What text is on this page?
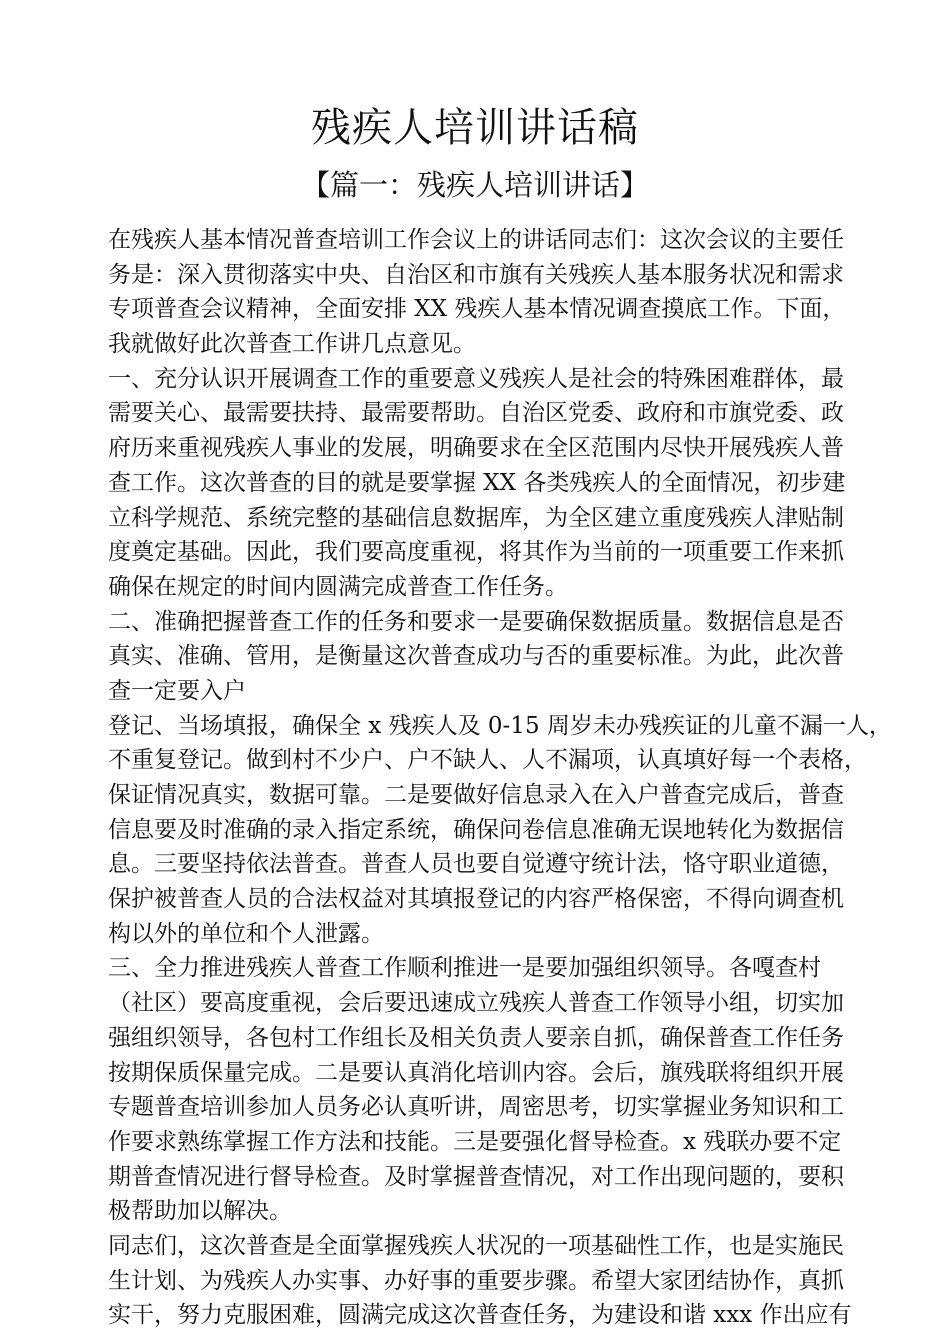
残疾人培训讲话稿
【篇一：残疾人培训讲话】
在残疾人基本情况普查培训工作会议上的讲话同志们：这次会议的主要任
务是：深入贯彻落实中央、自治区和市旗有关残疾人基本服务状况和需求
专项普查会议精神，全面安排 XX 残疾人基本情况调查摸底工作。下面，
我就做好此次普查工作讲几点意见。
一、充分认识开展调查工作的重要意义残疾人是社会的特殊困难群体，最
需要关心、最需要扶持、最需要帮助。自治区党委、政府和市旗党委、政
府历来重视残疾人事业的发展，明确要求在全区范围内尽快开展残疾人普
查工作。这次普查的目的就是要掌握 XX 各类残疾人的全面情况，初步建
立科学规范、系统完整的基础信息数据库，为全区建立重度残疾人津贴制
度奠定基础。因此，我们要高度重视，将其作为当前的一项重要工作来抓
确保在规定的时间内圆满完成普查工作任务。
二、准确把握普查工作的任务和要求一是要确保数据质量。数据信息是否
真实、准确、管用，是衡量这次普查成功与否的重要标准。为此，此次普
查一定要入户
登记、当场填报，确保全 x 残疾人及 0-15 周岁未办残疾证的儿童不漏一人，
不重复登记。做到村不少户、户不缺人、人不漏项，认真填好每一个表格，
保证情况真实，数据可靠。二是要做好信息录入在入户普查完成后，普查
信息要及时准确的录入指定系统，确保问卷信息准确无误地转化为数据信
息。三要坚持依法普查。普查人员也要自觉遵守统计法，恪守职业道德，
保护被普查人员的合法权益对其填报登记的内容严格保密，不得向调查机
构以外的单位和个人泄露。
三、全力推进残疾人普查工作顺利推进一是要加强组织领导。各嘎查村
（社区）要高度重视，会后要迅速成立残疾人普查工作领导小组，切实加
强组织领导，各包村工作组长及相关负责人要亲自抓，确保普查工作任务
按期保质保量完成。二是要认真消化培训内容。会后，旗残联将组织开展
专题普查培训参加人员务必认真听讲，周密思考，切实掌握业务知识和工
作要求熟练掌握工作方法和技能。三是要强化督导检查。x 残联办要不定
期普查情况进行督导检查。及时掌握普查情况，对工作出现问题的，要积
极帮助加以解决。
同志们，这次普查是全面掌握残疾人状况的一项基础性工作，也是实施民
生计划、为残疾人办实事、办好事的重要步骤。希望大家团结协作，真抓
实干，努力克服困难，圆满完成这次普查任务，为建设和谐 xxx 作出应有
